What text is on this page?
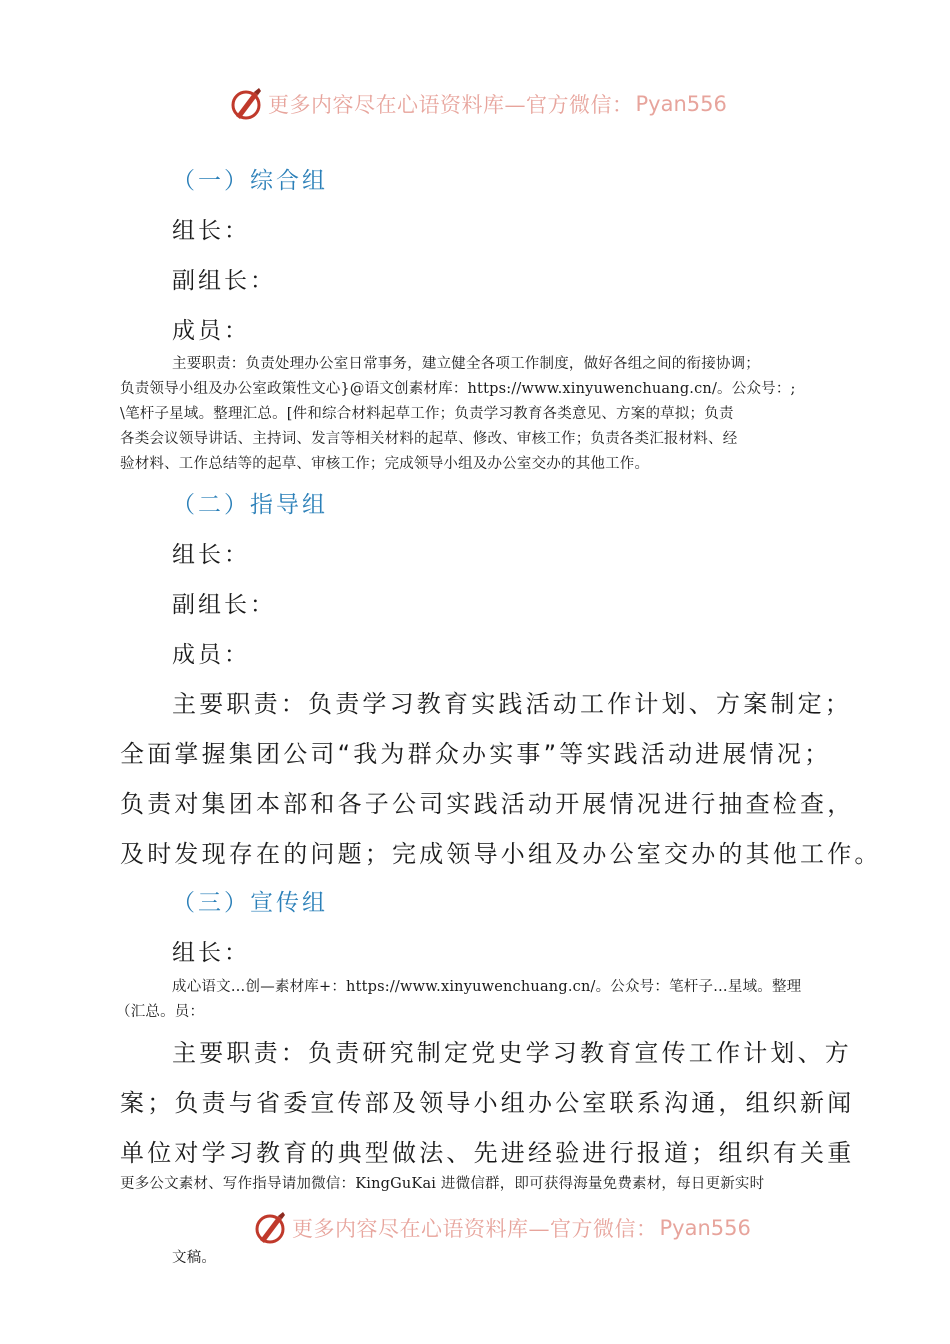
更多内容尽在心语资料库—官方微信： Pyan556
（一）综合组
组长：
副组长：
成员：
主要职责：负责处理办公室日常事务，建立健全各项工作制度，做好各组之间的衔接协调；
负责领导小组及办公室政策性文心}@语文创素材库：https://www.xinyuwenchuang.cn/。公众号：;
\笔杆子星域。整理汇总。[件和综合材料起草工作；负责学习教育各类意见、方案的草拟；负责
各类会议领导讲话、主持词、发言等相关材料的起草、修改、审核工作；负责各类汇报材料、经
验材料、工作总结等的起草、审核工作；完成领导小组及办公室交办的其他工作。
（二）指导组
组长：
副组长：
成员：
主要职责：负责学习教育实践活动工作计划、方案制定；
全面掌握集团公司“我为群众办实事”等实践活动进展情况；
负责对集团本部和各子公司实践活动开展情况进行抽查检查，
及时发现存在的问题；完成领导小组及办公室交办的其他工作。
（三）宣传组
组长：
成心语文…创—素材库+：https://www.xinyuwenchuang.cn/。公众号：笔杆子…星域。整理
（汇总。员：
主要职责：负责研究制定党史学习教育宣传工作计划、方
案；负责与省委宣传部及领导小组办公室联系沟通，组织新闻
单位对学习教育的典型做法、先进经验进行报道；组织有关重
更多公文素材、写作指导请加微信：KingGuKai 进微信群，即可获得海量免费素材，每日更新实时
更多内容尽在心语资料库—官方微信： Pyan556
文稿。
